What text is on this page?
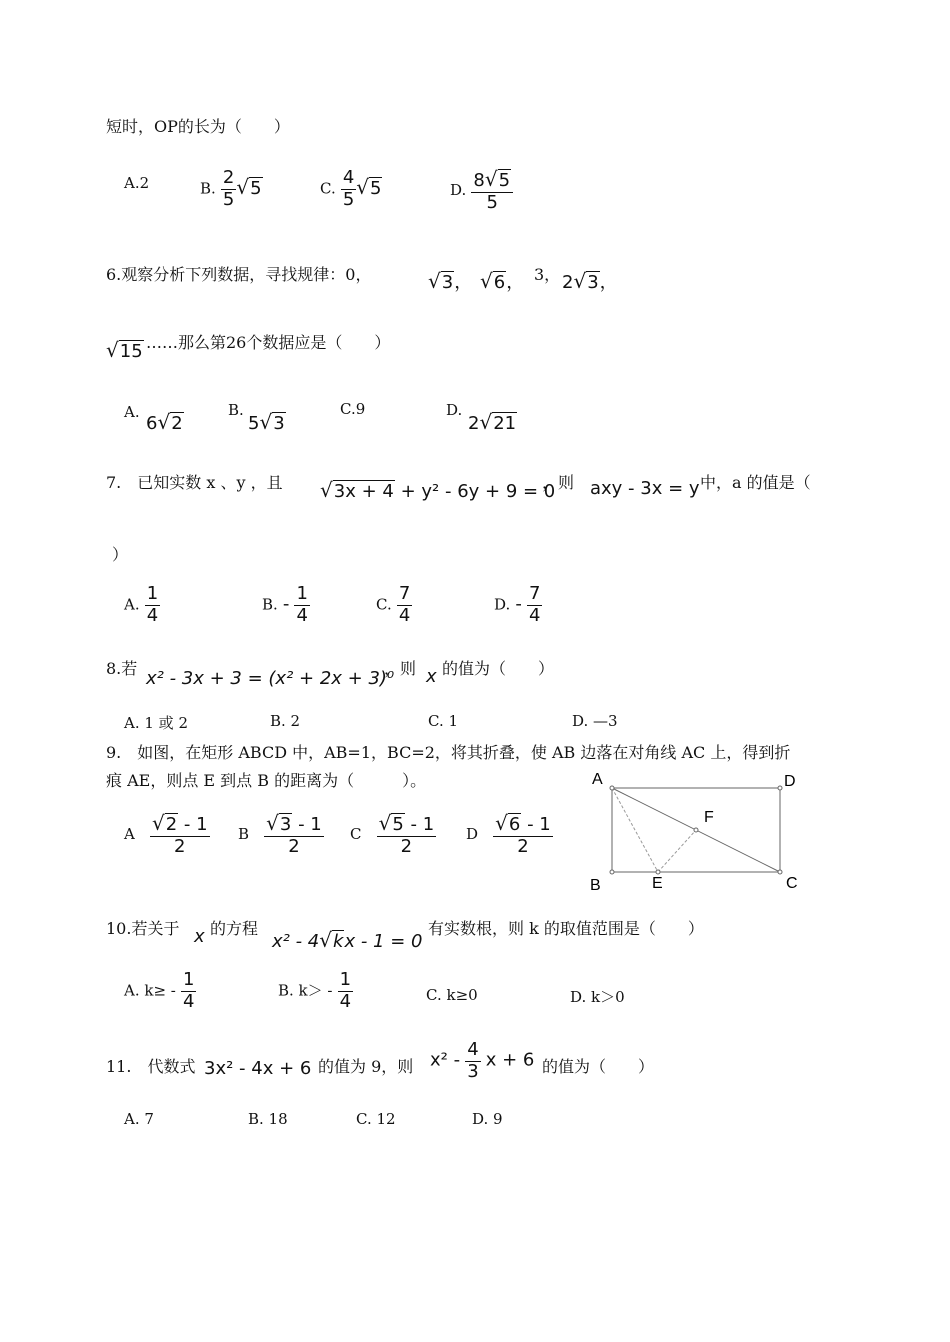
短时，OP的长为（　　）
A.2	B. $\frac{2}{5} √5$	C. $\frac{4}{5} √5$	D. $\frac{8√5}{5}$
6.观察分析下列数据，寻找规律：0，	√3， √6， 3， 2√3，
√15 ……那么第26个数据应是（　　）
A.
6√2
B.
5√3
C.9	D.
2√21
7.　已知实数 x 、y ，且 √3x + 4 + y² - 6y + 9 = 0
，则 axy - 3x = y 中，a 的值是（
）
A. $\frac{1}{4}$	B. - $\frac{1}{4}$	C. $\frac{7}{4}$	D. - $\frac{7}{4}$
8.若 x² - 3x + 3 = (x² + 2x + 3)⁰
，则 x 的值为（　　）
A. 1 或 2	B. 2	C. 1	D. —3
9.　如图，在矩形 ABCD 中，AB=1，BC=2，将其折叠，使 AB 边落在对角线 AC 上，得到折
痕 AE，则点 E 到点 B 的距离为（　　　）。
A $\frac{√2 - 1}{2}$ B $\frac{√3 - 1}{2}$ C $\frac{√5 - 1}{2}$ D $\frac{√6 - 1}{2}$
A	D
B	C
E
F
10.若关于 x 的方程
x² - 4√kx - 1 = 0
有实数根，则 k 的取值范围是（　　）
A. $k\ge - \frac{1}{4}$	B. $k> - \frac{1}{4}$	C. k≥0	D. k＞0
11.　代数式 3x² - 4x + 6 的值为 9，则 $x^2 - \frac{4}{3}$ x + 6 的值为（　　）
A. 7	B. 18	C. 12	D. 9
